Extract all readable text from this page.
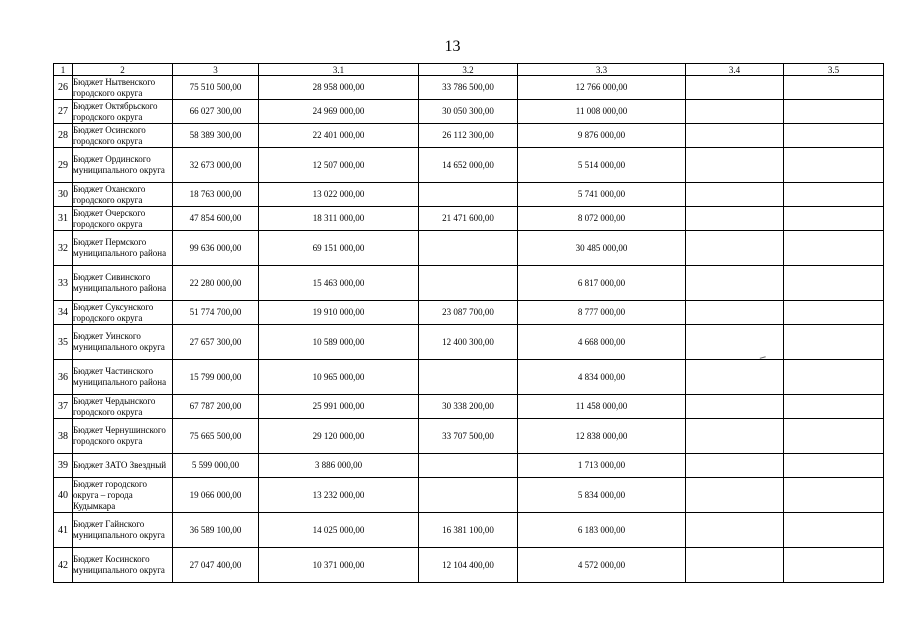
13
1	2	3	3.1	3.2	3.3	3.4	3.5
26	Бюджет Нытвенского городского округа	75 510 500,00	28 958 000,00	33 786 500,00	12 766 000,00		
27	Бюджет Октябрьского городского округа	66 027 300,00	24 969 000,00	30 050 300,00	11 008 000,00		
28	Бюджет Осинского городского округа	58 389 300,00	22 401 000,00	26 112 300,00	9 876 000,00		
29	Бюджет Ординского муниципального округа	32 673 000,00	12 507 000,00	14 652 000,00	5 514 000,00		
30	Бюджет Оханского городского округа	18 763 000,00	13 022 000,00		5 741 000,00		
31	Бюджет Очерского городского округа	47 854 600,00	18 311 000,00	21 471 600,00	8 072 000,00		
32	Бюджет Пермского муниципального района	99 636 000,00	69 151 000,00		30 485 000,00		
33	Бюджет Сивинского муниципального района	22 280 000,00	15 463 000,00		6 817 000,00		
34	Бюджет Суксунского городского округа	51 774 700,00	19 910 000,00	23 087 700,00	8 777 000,00		
35	Бюджет Уинского муниципального округа	27 657 300,00	10 589 000,00	12 400 300,00	4 668 000,00		
36	Бюджет Частинского муниципального района	15 799 000,00	10 965 000,00		4 834 000,00		
37	Бюджет Чердынского городского округа	67 787 200,00	25 991 000,00	30 338 200,00	11 458 000,00		
38	Бюджет Чернушинского городского округа	75 665 500,00	29 120 000,00	33 707 500,00	12 838 000,00		
39	Бюджет ЗАТО Звездный	5 599 000,00	3 886 000,00		1 713 000,00		
40	Бюджет городского округа – города Кудымкара	19 066 000,00	13 232 000,00		5 834 000,00		
41	Бюджет Гайнского муниципального округа	36 589 100,00	14 025 000,00	16 381 100,00	6 183 000,00		
42	Бюджет Косинского муниципального округа	27 047 400,00	10 371 000,00	12 104 400,00	4 572 000,00		
